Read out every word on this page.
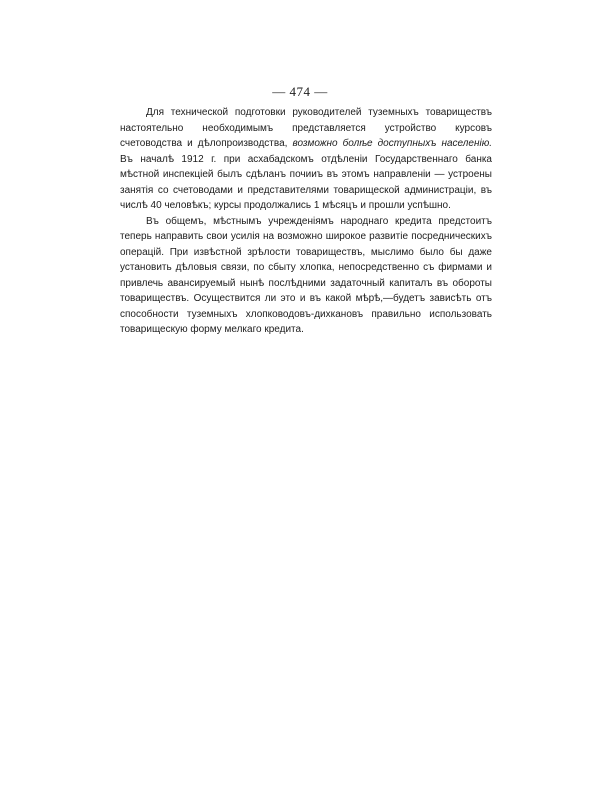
— 474 —

Для технической подготовки руководителей туземныхъ товариществъ настоятельно необходимымъ представляется устройство курсовъ счетоводства и дѣлопроизводства, возможно болѣе доступныхъ населенію. Въ началѣ 1912 г. при асхабадскомъ отдѣленіи Государственнаго банка мѣстной инспекціей былъ сдѣланъ почииъ въ этомъ направленіи — устроены занятія со счетоводами и представителями товарищеской администраціи, въ числѣ 40 человѣкъ; курсы продолжались 1 мѣсяцъ и прошли успѣшно.

Въ общемъ, мѣстнымъ учрежденіямъ народнаго кредита предстоитъ теперь направить свои усилія на возможно широкое развитіе посредническихъ операцій. При извѣстной зрѣлости товариществъ, мыслимо было бы даже установить дѣловыя связи, по сбыту хлопка, непосредственно съ фирмами и привлечь авансируемый нынѣ послѣдними задаточный капиталъ въ обороты товариществъ. Осуществится ли это и въ какой мѣрѣ,—будетъ зависѣть отъ способности туземныхъ хлопководовъ-дихкановъ правильно использовать товарищескую форму мелкаго кредита.
